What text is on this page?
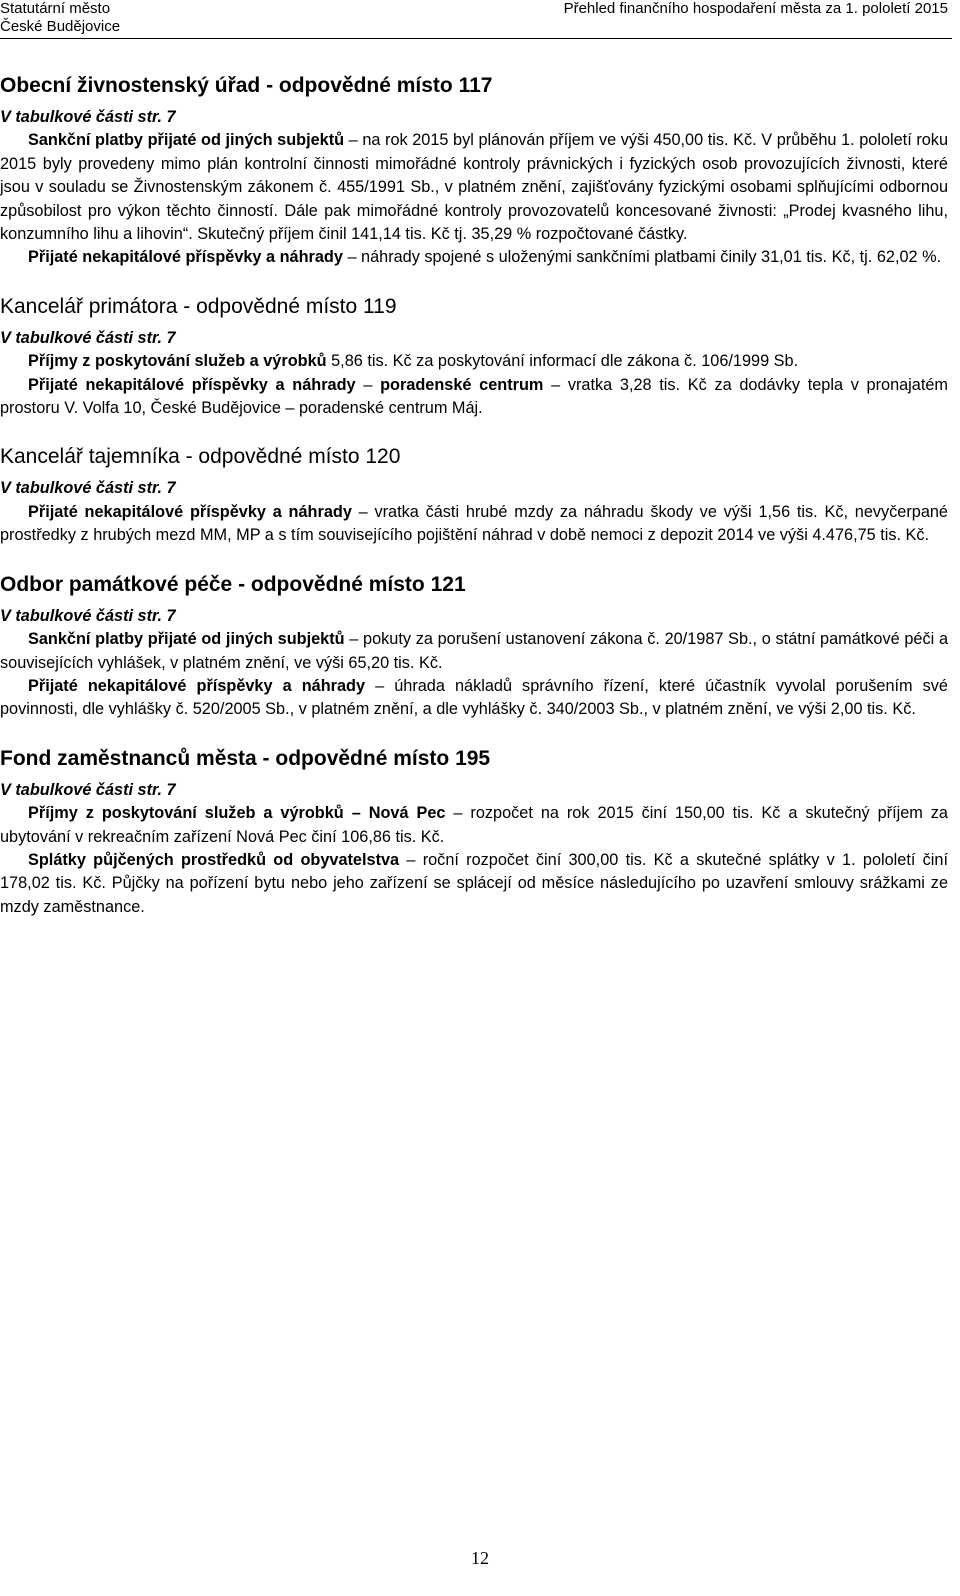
Statutární město
České Budějovice
Přehled finančního hospodaření města za 1. pololetí 2015
Obecní živnostenský úřad - odpovědné místo 117
V tabulkové části str. 7

Sankční platby přijaté od jiných subjektů – na rok 2015 byl plánován příjem ve výši 450,00 tis. Kč. V průběhu 1. pololetí roku 2015 byly provedeny mimo plán kontrolní činnosti mimořádné kontroly právnických i fyzických osob provozujících živnosti, které jsou v souladu se Živnostenským zákonem č. 455/1991 Sb., v platném znění, zajišťovány fyzickými osobami splňujícími odbornou způsobilost pro výkon těchto činností. Dále pak mimořádné kontroly provozovatelů koncesované živnosti: „Prodej kvasného lihu, konzumního lihu a lihovin“. Skutečný příjem činil 141,14 tis. Kč tj. 35,29 % rozpočtované částky.

Přijaté nekapitálové příspěvky a náhrady – náhrady spojené s uloženými sankčními platbami činily 31,01 tis. Kč, tj. 62,02 %.

Kancelář primátora - odpovědné místo 119
V tabulkové části str. 7

Příjmy z poskytování služeb a výrobků 5,86 tis. Kč za poskytování informací dle zákona č. 106/1999 Sb.

Přijaté nekapitálové příspěvky a náhrady – poradenské centrum – vratka 3,28 tis. Kč za dodávky tepla v pronajatém prostoru V. Volfa 10, České Budějovice – poradenské centrum Máj.

Kancelář tajemníka - odpovědné místo 120
V tabulkové části str. 7

Přijaté nekapitálové příspěvky a náhrady – vratka části hrubé mzdy za náhradu škody ve výši 1,56 tis. Kč, nevyčerpané prostředky z hrubých mezd MM, MP a s tím souvisejícího pojištění náhrad v době nemoci z depozit 2014 ve výši 4.476,75 tis. Kč.

Odbor památkové péče - odpovědné místo 121
V tabulkové části str. 7

Sankční platby přijaté od jiných subjektů – pokuty za porušení ustanovení zákona č. 20/1987 Sb., o státní památkové péči a souvisejících vyhlášek, v platném znění, ve výši 65,20 tis. Kč.

Přijaté nekapitálové příspěvky a náhrady – úhrada nákladů správního řízení, které účastník vyvolal porušením své povinnosti, dle vyhlášky č. 520/2005 Sb., v platném znění, a dle vyhlášky č. 340/2003 Sb., v platném znění, ve výši 2,00 tis. Kč.

Fond zaměstnanců města - odpovědné místo 195
V tabulkové části str. 7

Příjmy z poskytování služeb a výrobků – Nová Pec – rozpočet na rok 2015 činí 150,00 tis. Kč a skutečný příjem za ubytování v rekreačním zařízení Nová Pec činí 106,86 tis. Kč.

Splátky půjčených prostředků od obyvatelstva – roční rozpočet činí 300,00 tis. Kč a skutečné splátky v 1. pololetí činí 178,02 tis. Kč. Půjčky na pořízení bytu nebo jeho zařízení se splácejí od měsíce následujícího po uzavření smlouvy srážkami ze mzdy zaměstnance.

12
